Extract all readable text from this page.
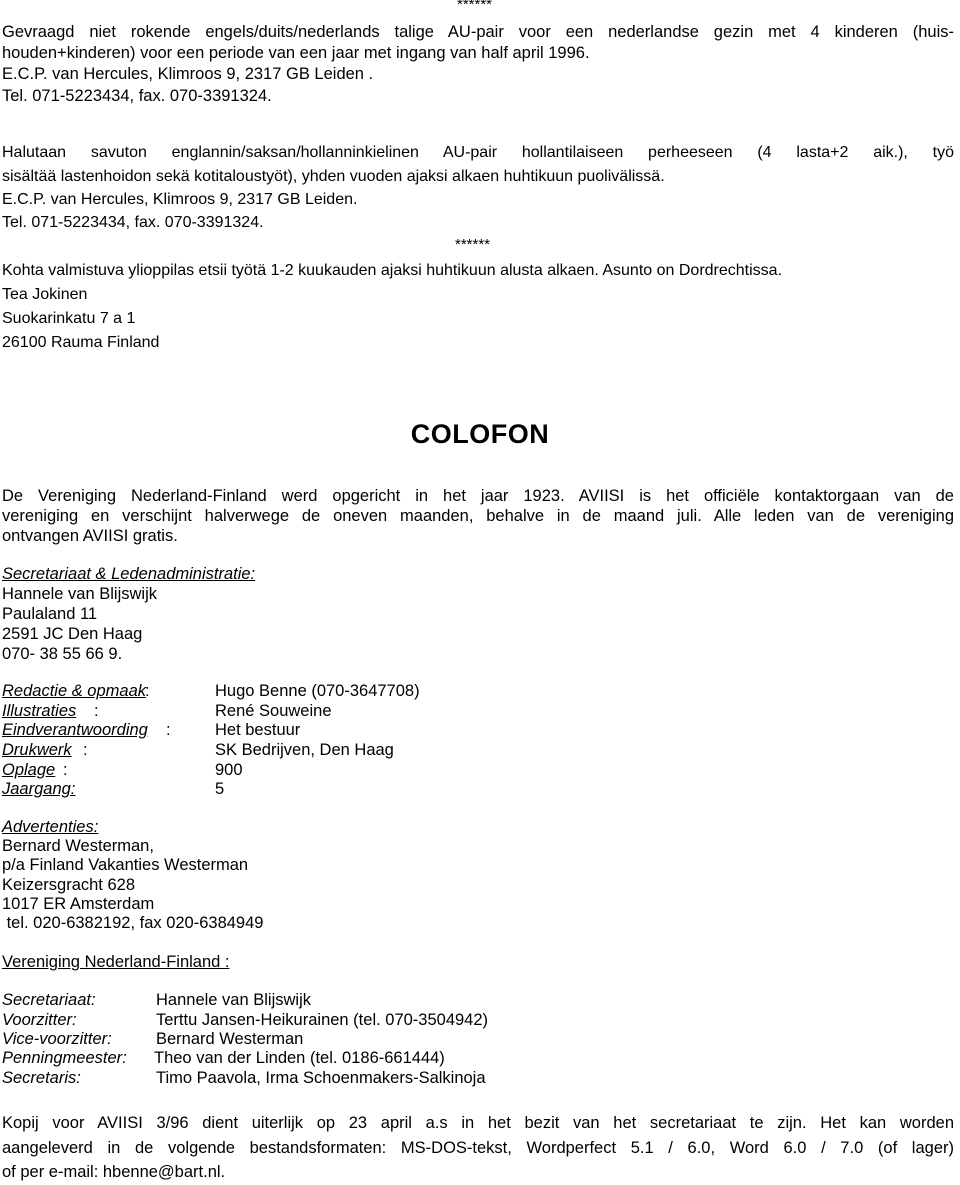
******
Gevraagd niet rokende engels/duits/nederlands talige AU-pair voor een nederlandse gezin met 4 kinderen (huis-
houden+kinderen) voor een periode van een jaar met ingang van half april 1996.
E.C.P. van Hercules, Klimroos 9, 2317 GB Leiden .
Tel. 071-5223434, fax. 070-3391324.
Halutaan savuton englannin/saksan/hollanninkielinen AU-pair hollantilaiseen perheeseen (4 lasta+2 aik.), työ
sisältää lastenhoidon sekä kotitaloustyöt), yhden vuoden ajaksi alkaen huhtikuun puolivälissä.
E.C.P. van Hercules, Klimroos 9, 2317 GB Leiden.
Tel. 071-5223434, fax. 070-3391324.
******
Kohta valmistuva ylioppilas etsii työtä 1-2 kuukauden ajaksi huhtikuun alusta alkaen. Asunto on Dordrechtissa.
Tea Jokinen
Suokarinkatu 7 a 1
26100 Rauma Finland
COLOFON
De Vereniging Nederland-Finland werd opgericht in het jaar 1923. AVIISI is het officiële kontaktorgaan van de
vereniging en verschijnt halverwege de oneven maanden, behalve in de maand juli. Alle leden van de vereniging
ontvangen AVIISI gratis.
Secretariaat & Ledenadministratie:
Hannele van Blijswijk
Paulaland 11
2591 JC Den Haag
070- 38 55 66 9.
Redactie & opmaak :	Hugo Benne (070-3647708)
Illustraties :	René Souweine
Eindverantwoording :	Het bestuur
Drukwerk :	SK Bedrijven, Den Haag
Oplage :	900
Jaargang:	5
Advertenties:
Bernard Westerman,
p/a Finland Vakanties Westerman
Keizersgracht 628
1017 ER Amsterdam
tel. 020-6382192, fax 020-6384949
Vereniging Nederland-Finland :
Secretariaat:	Hannele van Blijswijk
Voorzitter:	Terttu Jansen-Heikurainen (tel. 070-3504942)
Vice-voorzitter:	Bernard Westerman
Penningmeester: Theo van der Linden (tel. 0186-661444)
Secretaris:	Timo Paavola, Irma Schoenmakers-Salkinoja
Kopij voor AVIISI 3/96 dient uiterlijk op 23 april a.s in het bezit van het secretariaat te zijn. Het kan worden
aangeleverd in de volgende bestandsformaten: MS-DOS-tekst, Wordperfect 5.1 / 6.0, Word 6.0 / 7.0 (of lager)
of per e-mail: hbenne@bart.nl.
